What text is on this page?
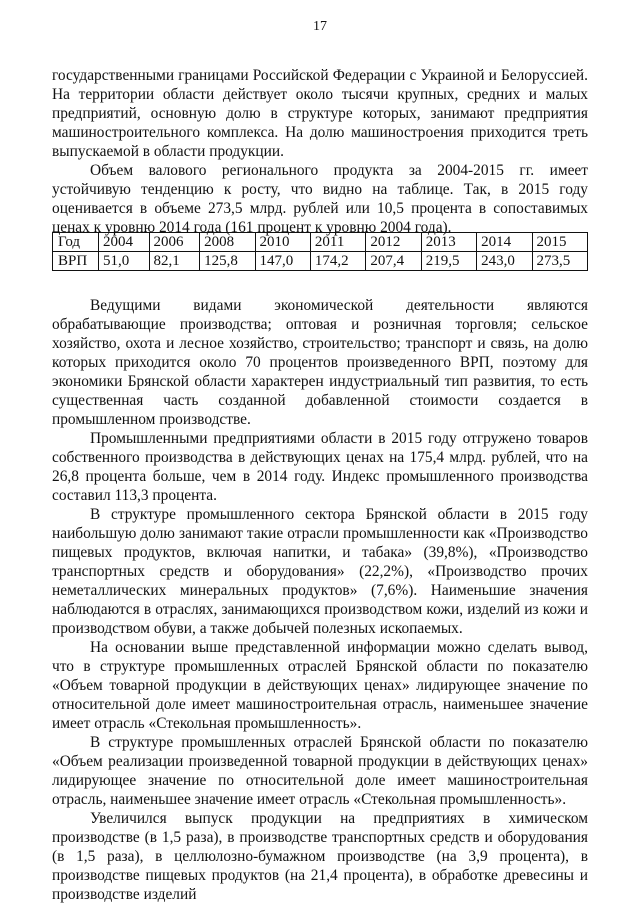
17

государственными границами Российской Федерации с Украиной и Белоруссией. На территории области действует около тысячи крупных, средних и малых предприятий, основную долю в структуре которых, занимают предприятия машиностроительного комплекса. На долю машиностроения приходится треть выпускаемой в области продукции.

Объем валового регионального продукта за 2004-2015 гг. имеет устойчивую тенденцию к росту, что видно на таблице. Так, в 2015 году оценивается в объеме 273,5 млрд. рублей или 10,5 процента в сопоставимых ценах к уровню 2014 года (161 процент к уровню 2004 года).

Год	2004	2006	2008	2010	2011	2012	2013	2014	2015
ВРП	51,0	82,1	125,8	147,0	174,2	207,4	219,5	243,0	273,5

Ведущими видами экономической деятельности являются обрабатывающие производства; оптовая и розничная торговля; сельское хозяйство, охота и лесное хозяйство, строительство; транспорт и связь, на долю которых приходится около 70 процентов произведенного ВРП, поэтому для экономики Брянской области характерен индустриальный тип развития, то есть существенная часть созданной добавленной стоимости создается в промышленном производстве.

Промышленными предприятиями области в 2015 году отгружено товаров собственного производства в действующих ценах на 175,4 млрд. рублей, что на 26,8 процента больше, чем в 2014 году. Индекс промышленного производства составил 113,3 процента.

В структуре промышленного сектора Брянской области в 2015 году наибольшую долю занимают такие отрасли промышленности как «Производство пищевых продуктов, включая напитки, и табака» (39,8%), «Производство транспортных средств и оборудования» (22,2%), «Производство прочих неметаллических минеральных продуктов» (7,6%). Наименьшие значения наблюдаются в отраслях, занимающихся производством кожи, изделий из кожи и производством обуви, а также добычей полезных ископаемых.

На основании выше представленной информации можно сделать вывод, что в структуре промышленных отраслей Брянской области по показателю «Объем товарной продукции в действующих ценах» лидирующее значение по относительной доле имеет машиностроительная отрасль, наименьшее значение имеет отрасль «Стекольная промышленность».

В структуре промышленных отраслей Брянской области по показателю «Объем реализации произведенной товарной продукции в действующих ценах» лидирующее значение по относительной доле имеет машиностроительная отрасль, наименьшее значение имеет отрасль «Стекольная промышленность».

Увеличился выпуск продукции на предприятиях в химическом производстве (в 1,5 раза), в производстве транспортных средств и оборудования (в 1,5 раза), в целлюлозно-бумажном производстве (на 3,9 процента), в производстве пищевых продуктов (на 21,4 процента), в обработке древесины и производстве изделий
